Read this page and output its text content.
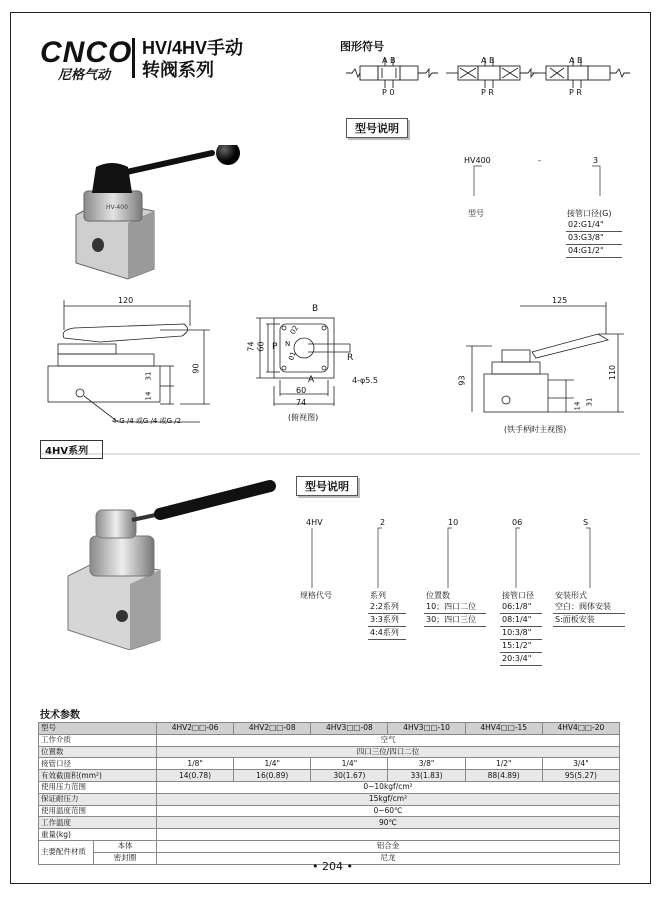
CNCO
尼格气动
HV/4HV手动
转阀系列
图形符号
A B
P 0
A B
P R
A B
P R
型号说明
HV400	-	3
型号	接管口径(G)
02:G1/4"
03:G3/8"
04:G1/2"
HV-400
120
90
14
31
4-G /4 或G /4 或G /2
B
A
P
R
N
02
01
74 60
60
74
4-φ5.5
(俯视图)
125
93
110
14 31
(铁手柄时主视图)
4HV系列
型号说明
4HV	2	10	06	S
规格代号	系列	位置数	接管口径	安装形式
2:2系列
3:3系列
4:4系列
10；四口二位
30；四口三位
06:1/8"
08:1/4"
10:3/8"
15:1/2"
20:3/4"
空白：阀体安装
S:面板安装
技术参数
型号		4HV2□□-06	4HV2□□-08	4HV3□□-08	4HV3□□-10	4HV4□□-15	4HV4□□-20
工作介质		空气					
位置数		四口三位/四口二位					
接管口径		1/8"	1/4"	1/4"	3/8"	1/2"	3/4"
有效截面积(mm²)		14(0.78)	16(0.89)	30(1.67)	33(1.83)	88(4.89)	95(5.27)
使用压力范围		0~10kgf/cm²					
保证耐压力		15kgf/cm²					
使用温度范围		0~60℃					
工作温度		90℃					
重量(kg)							
主要配件材质	本体	铝合金					
	密封圈	尼龙					
• 204 •
